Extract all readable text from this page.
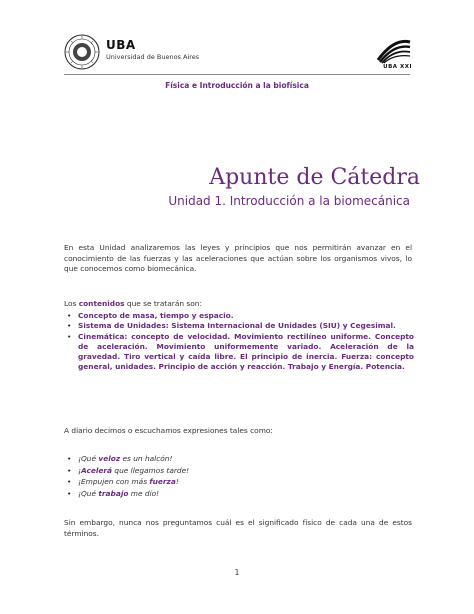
UBA
Universidad de Buenos Aires
UBA XXI
Física e Introducción a la biofísica
Apunte de Cátedra
Unidad 1. Introducción a la biomecánica
En esta Unidad analizaremos las leyes y principios que nos permitirán avanzar en el conocimiento de las fuerzas y las aceleraciones que actúan sobre los organismos vivos, lo que conocemos como biomecánica.
Los contenidos que se tratarán son:
• Concepto de masa, tiempo y espacio.
• Sistema de Unidades: Sistema Internacional de Unidades (SIU) y Cegesimal.
• Cinemática: concepto de velocidad. Movimiento rectilíneo uniforme. Concepto de aceleración. Movimiento uniformemente variado. Aceleración de la gravedad. Tiro vertical y caída libre. El principio de inercia. Fuerza: concepto general, unidades. Principio de acción y reacción. Trabajo y Energía. Potencia.
A diario decimos o escuchamos expresiones tales como:
• ¡Qué veloz es un halcón!
• ¡Acelerá que llegamos tarde!
• ¡Empujen con más fuerza!
• ¡Qué trabajo me dio!
Sin embargo, nunca nos preguntamos cuál es el significado físico de cada una de estos términos.
1
